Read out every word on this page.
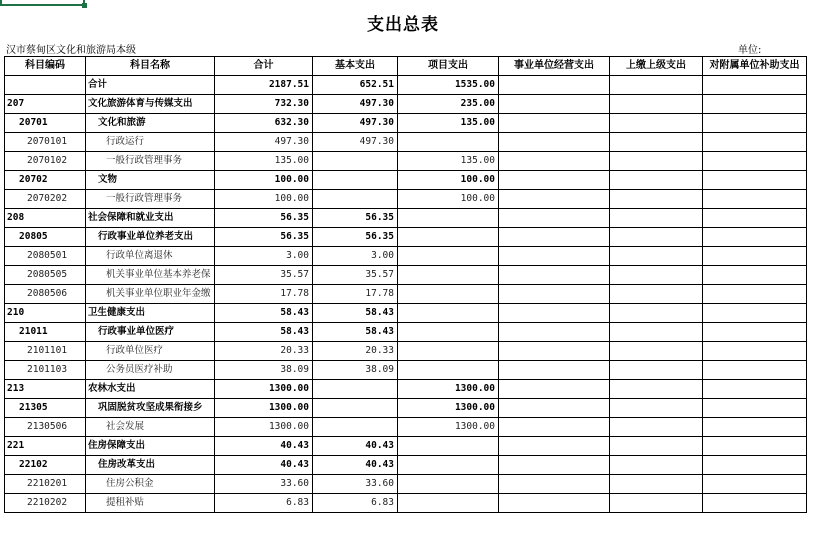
支出总表
汉市蔡甸区文化和旅游局本级	单位:
科目编码	科目名称	合计	基本支出	项目支出	事业单位经营支出	上缴上级支出	对附属单位补助支出
	合计	2187.51	652.51	1535.00			
207	文化旅游体育与传媒支出	732.30	497.30	235.00			
20701	文化和旅游	632.30	497.30	135.00			
2070101	行政运行	497.30	497.30				
2070102	一般行政管理事务	135.00		135.00			
20702	文物	100.00		100.00			
2070202	一般行政管理事务	100.00		100.00			
208	社会保障和就业支出	56.35	56.35				
20805	行政事业单位养老支出	56.35	56.35				
2080501	行政单位离退休	3.00	3.00				
2080505	机关事业单位基本养老保	35.57	35.57				
2080506	机关事业单位职业年金缴	17.78	17.78				
210	卫生健康支出	58.43	58.43				
21011	行政事业单位医疗	58.43	58.43				
2101101	行政单位医疗	20.33	20.33				
2101103	公务员医疗补助	38.09	38.09				
213	农林水支出	1300.00		1300.00			
21305	巩固脱贫攻坚成果衔接乡	1300.00		1300.00			
2130506	社会发展	1300.00		1300.00			
221	住房保障支出	40.43	40.43				
22102	住房改革支出	40.43	40.43				
2210201	住房公积金	33.60	33.60				
2210202	提租补贴	6.83	6.83				
